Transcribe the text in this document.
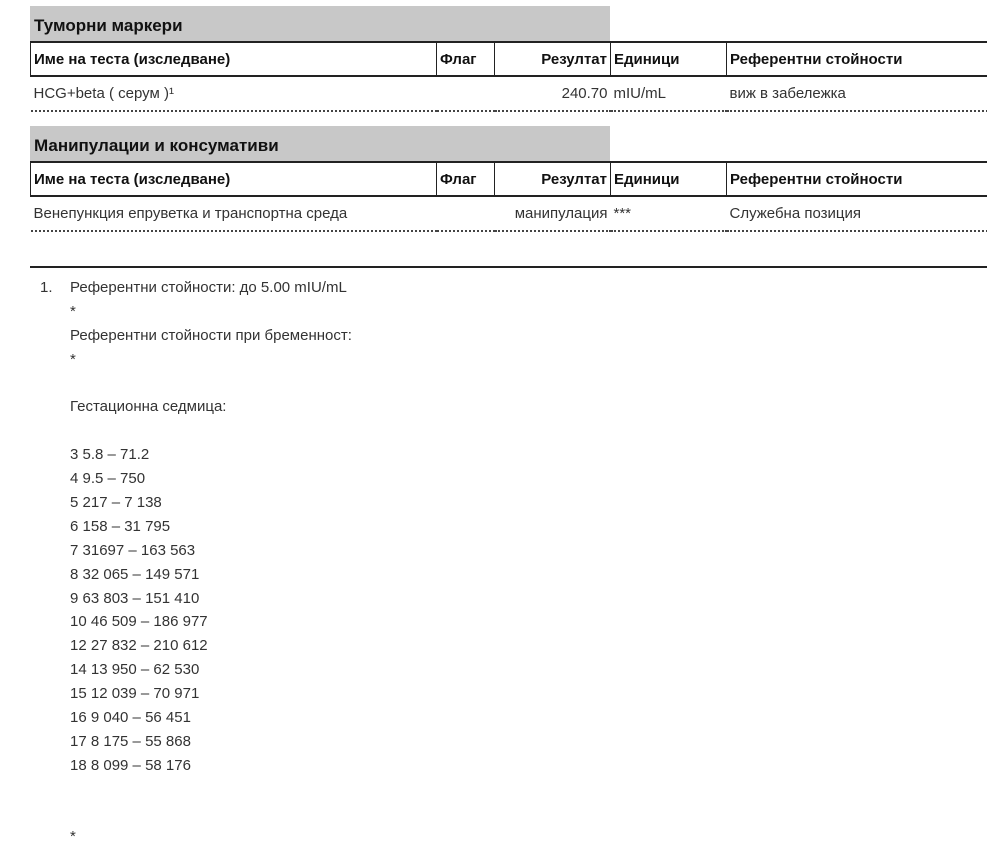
Туморни маркери
Име на теста (изследване)	Флаг	Резултат	Единици	Референтни стойности
HCG+beta ( серум )¹		240.70	mIU/mL	виж в забележка
Манипулации и консумативи
Име на теста (изследване)	Флаг	Резултат	Единици	Референтни стойности
Венепункция епруветка и транспортна среда		манипулация	***	Служебна позиция
1. Референтни стойности: до 5.00 mIU/mL
*
Референтни стойности при бременност:
*
Гестационна седмица:
3 5.8 – 71.2
4 9.5 – 750
5 217 – 7 138
6 158 – 31 795
7 31697 – 163 563
8 32 065 – 149 571
9 63 803 – 151 410
10 46 509 – 186 977
12 27 832 – 210 612
14 13 950 – 62 530
15 12 039 – 70 971
16 9 040 – 56 451
17 8 175 – 55 868
18 8 099 – 58 176
*
